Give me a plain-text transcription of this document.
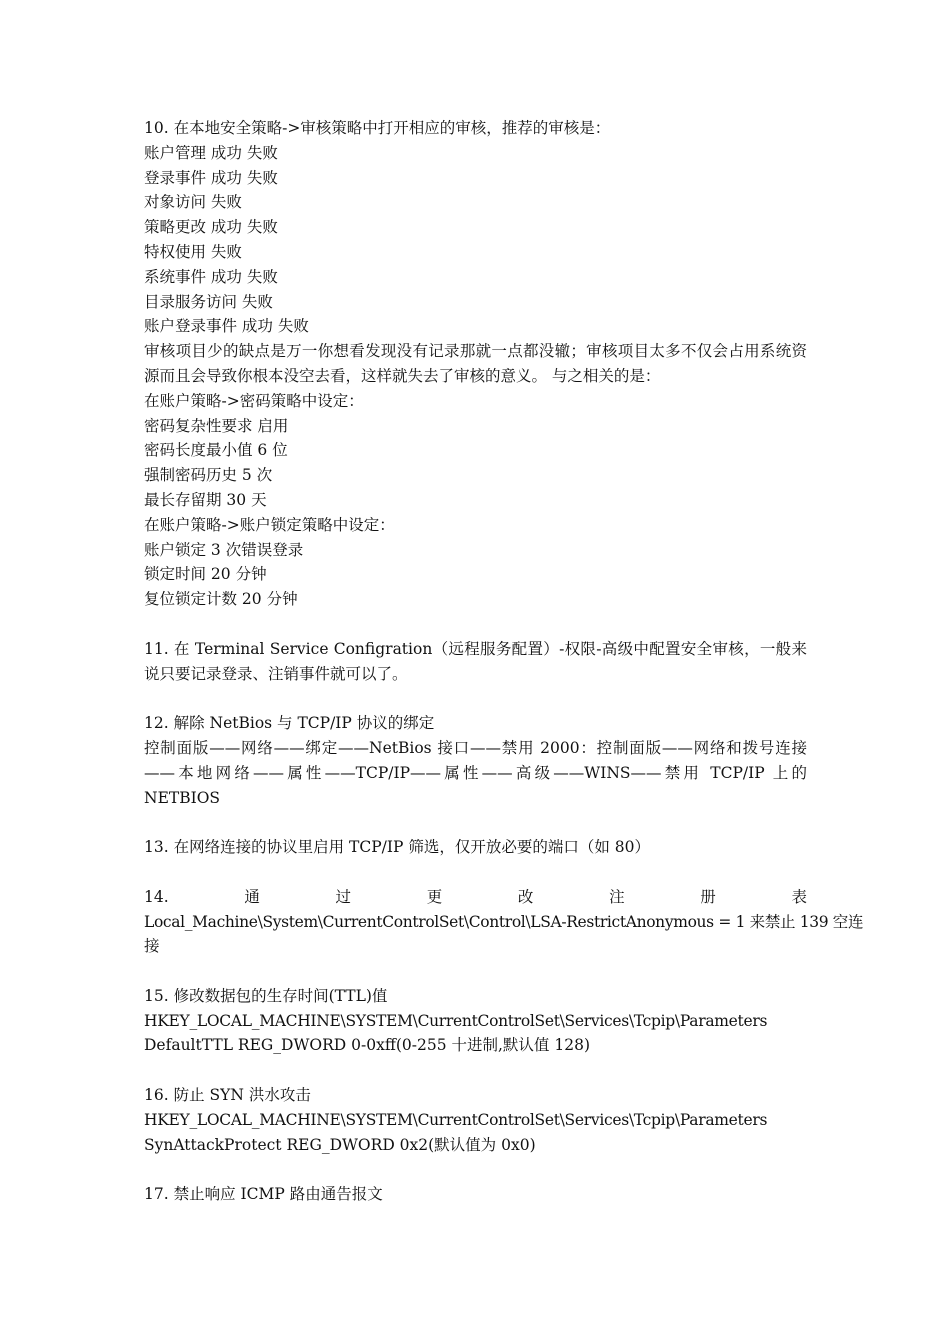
10. 在本地安全策略->审核策略中打开相应的审核，推荐的审核是：
账户管理 成功 失败
登录事件 成功 失败
对象访问 失败
策略更改 成功 失败
特权使用 失败
系统事件 成功 失败
目录服务访问 失败
账户登录事件 成功 失败
审核项目少的缺点是万一你想看发现没有记录那就一点都没辙；审核项目太多不仅会占用系统资源而且会导致你根本没空去看，这样就失去了审核的意义。 与之相关的是：
在账户策略->密码策略中设定：
密码复杂性要求 启用
密码长度最小值 6 位
强制密码历史 5 次
最长存留期 30 天
在账户策略->账户锁定策略中设定：
账户锁定 3 次错误登录
锁定时间 20 分钟
复位锁定计数 20 分钟
11. 在 Terminal Service Configration（远程服务配置）-权限-高级中配置安全审核，一般来说只要记录登录、注销事件就可以了。
12. 解除 NetBios 与 TCP/IP 协议的绑定
控制面版——网络——绑定——NetBios 接口——禁用 2000：控制面版——网络和拨号连接——本地网络——属性——TCP/IP——属性——高级——WINS——禁用 TCP/IP 上的 NETBIOS
13. 在网络连接的协议里启用 TCP/IP 筛选，仅开放必要的端口（如 80）
14.	通	过	更	改	注	册	表
Local_Machine\System\CurrentControlSet\Control\LSA-RestrictAnonymous = 1 来禁止 139 空连
接
15. 修改数据包的生存时间(TTL)值
HKEY_LOCAL_MACHINE\SYSTEM\CurrentControlSet\Services\Tcpip\Parameters
DefaultTTL REG_DWORD 0-0xff(0-255 十进制,默认值 128)
16. 防止 SYN 洪水攻击
HKEY_LOCAL_MACHINE\SYSTEM\CurrentControlSet\Services\Tcpip\Parameters
SynAttackProtect REG_DWORD 0x2(默认值为 0x0)
17. 禁止响应 ICMP 路由通告报文
